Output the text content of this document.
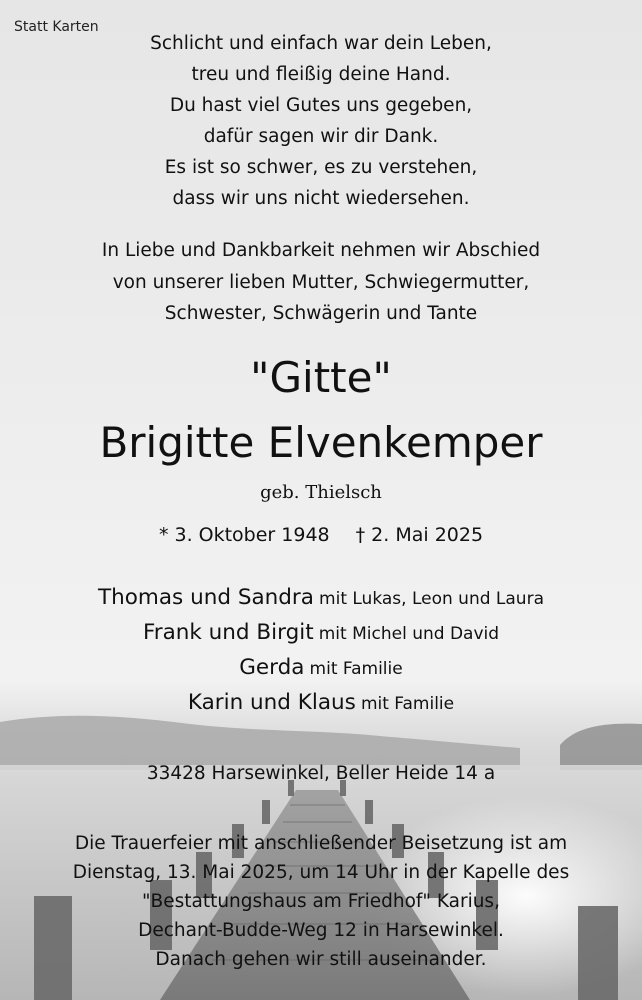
Statt Karten
Schlicht und einfach war dein Leben,
treu und fleißig deine Hand.
Du hast viel Gutes uns gegeben,
dafür sagen wir dir Dank.
Es ist so schwer, es zu verstehen,
dass wir uns nicht wiedersehen.
In Liebe und Dankbarkeit nehmen wir Abschied
von unserer lieben Mutter, Schwiegermutter,
Schwester, Schwägerin und Tante
"Gitte"
Brigitte Elvenkemper
geb. Thielsch
* 3. Oktober 1948 † 2. Mai 2025
Thomas und Sandra mit Lukas, Leon und Laura
Frank und Birgit mit Michel und David
Gerda mit Familie
Karin und Klaus mit Familie
33428 Harsewinkel, Beller Heide 14 a
Die Trauerfeier mit anschließender Beisetzung ist am
Dienstag, 13. Mai 2025, um 14 Uhr in der Kapelle des
"Bestattungshaus am Friedhof" Karius,
Dechant-Budde-Weg 12 in Harsewinkel.
Danach gehen wir still auseinander.
